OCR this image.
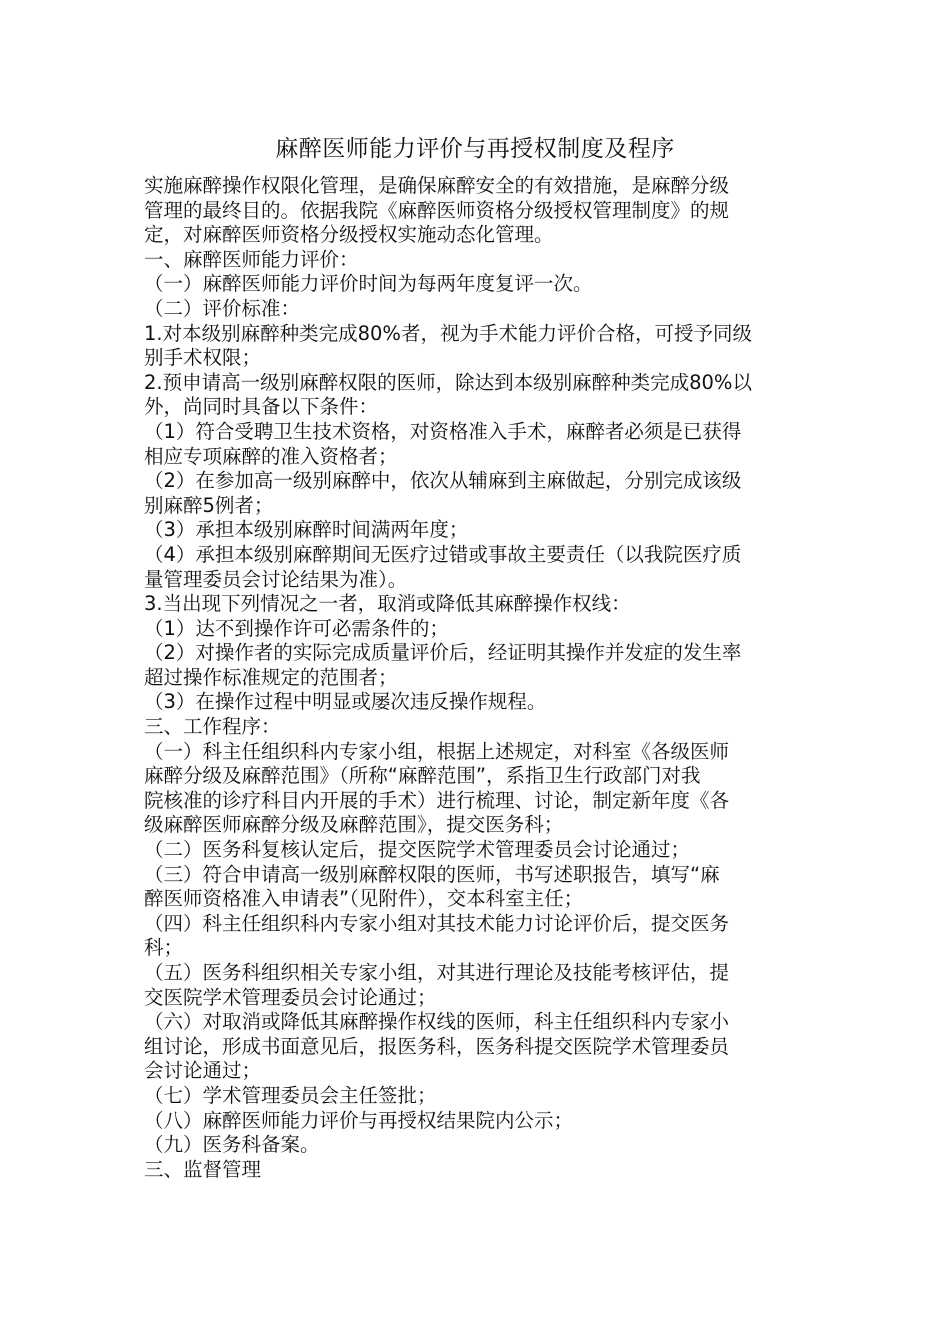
麻醉医师能力评价与再授权制度及程序
实施麻醉操作权限化管理，是确保麻醉安全的有效措施，是麻醉分级
管理的最终目的。依据我院《麻醉医师资格分级授权管理制度》的规
定，对麻醉医师资格分级授权实施动态化管理。
一、麻醉医师能力评价：
（一）麻醉医师能力评价时间为每两年度复评一次。
（二）评价标准：
1.对本级别麻醉种类完成80%者，视为手术能力评价合格，可授予同级
别手术权限；
2.预申请高一级别麻醉权限的医师，除达到本级别麻醉种类完成80%以
外，尚同时具备以下条件：
（1）符合受聘卫生技术资格，对资格准入手术，麻醉者必须是已获得
相应专项麻醉的准入资格者；
（2）在参加高一级别麻醉中，依次从辅麻到主麻做起，分别完成该级
别麻醉5例者；
（3）承担本级别麻醉时间满两年度；
（4）承担本级别麻醉期间无医疗过错或事故主要责任（以我院医疗质
量管理委员会讨论结果为准）。
3.当出现下列情况之一者，取消或降低其麻醉操作权线：
（1）达不到操作许可必需条件的；
（2）对操作者的实际完成质量评价后，经证明其操作并发症的发生率
超过操作标准规定的范围者；
（3）在操作过程中明显或屡次违反操作规程。
三、工作程序：
（一）科主任组织科内专家小组，根据上述规定，对科室《各级医师
麻醉分级及麻醉范围》（所称“麻醉范围”，系指卫生行政部门对我
院核准的诊疗科目内开展的手术）进行梳理、讨论，制定新年度《各
级麻醉医师麻醉分级及麻醉范围》，提交医务科；
（二）医务科复核认定后，提交医院学术管理委员会讨论通过；
（三）符合申请高一级别麻醉权限的医师，书写述职报告，填写“麻
醉医师资格准入申请表”（见附件），交本科室主任；
（四）科主任组织科内专家小组对其技术能力讨论评价后，提交医务
科；
（五）医务科组织相关专家小组，对其进行理论及技能考核评估，提
交医院学术管理委员会讨论通过；
（六）对取消或降低其麻醉操作权线的医师，科主任组织科内专家小
组讨论，形成书面意见后，报医务科，医务科提交医院学术管理委员
会讨论通过；
（七）学术管理委员会主任签批；
（八）麻醉医师能力评价与再授权结果院内公示；
（九）医务科备案。
三、监督管理
